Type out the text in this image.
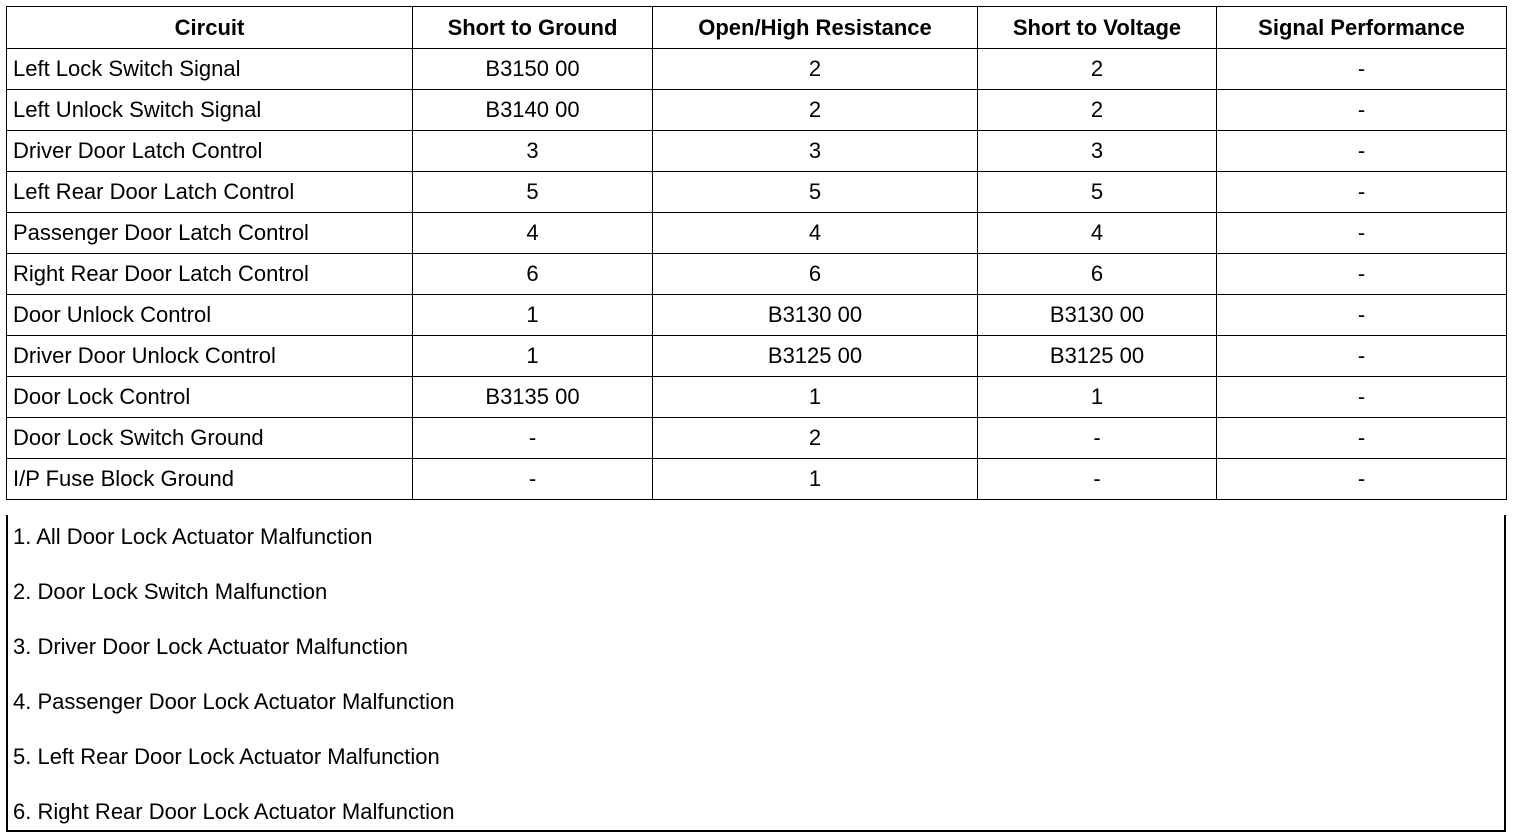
Circuit	Short to Ground	Open/High Resistance	Short to Voltage	Signal Performance
Left Lock Switch Signal	B3150 00	2	2	-
Left Unlock Switch Signal	B3140 00	2	2	-
Driver Door Latch Control	3	3	3	-
Left Rear Door Latch Control	5	5	5	-
Passenger Door Latch Control	4	4	4	-
Right Rear Door Latch Control	6	6	6	-
Door Unlock Control	1	B3130 00	B3130 00	-
Driver Door Unlock Control	1	B3125 00	B3125 00	-
Door Lock Control	B3135 00	1	1	-
Door Lock Switch Ground	-	2	-	-
I/P Fuse Block Ground	-	1	-	-
1. All Door Lock Actuator Malfunction
2. Door Lock Switch Malfunction
3. Driver Door Lock Actuator Malfunction
4. Passenger Door Lock Actuator Malfunction
5. Left Rear Door Lock Actuator Malfunction
6. Right Rear Door Lock Actuator Malfunction
